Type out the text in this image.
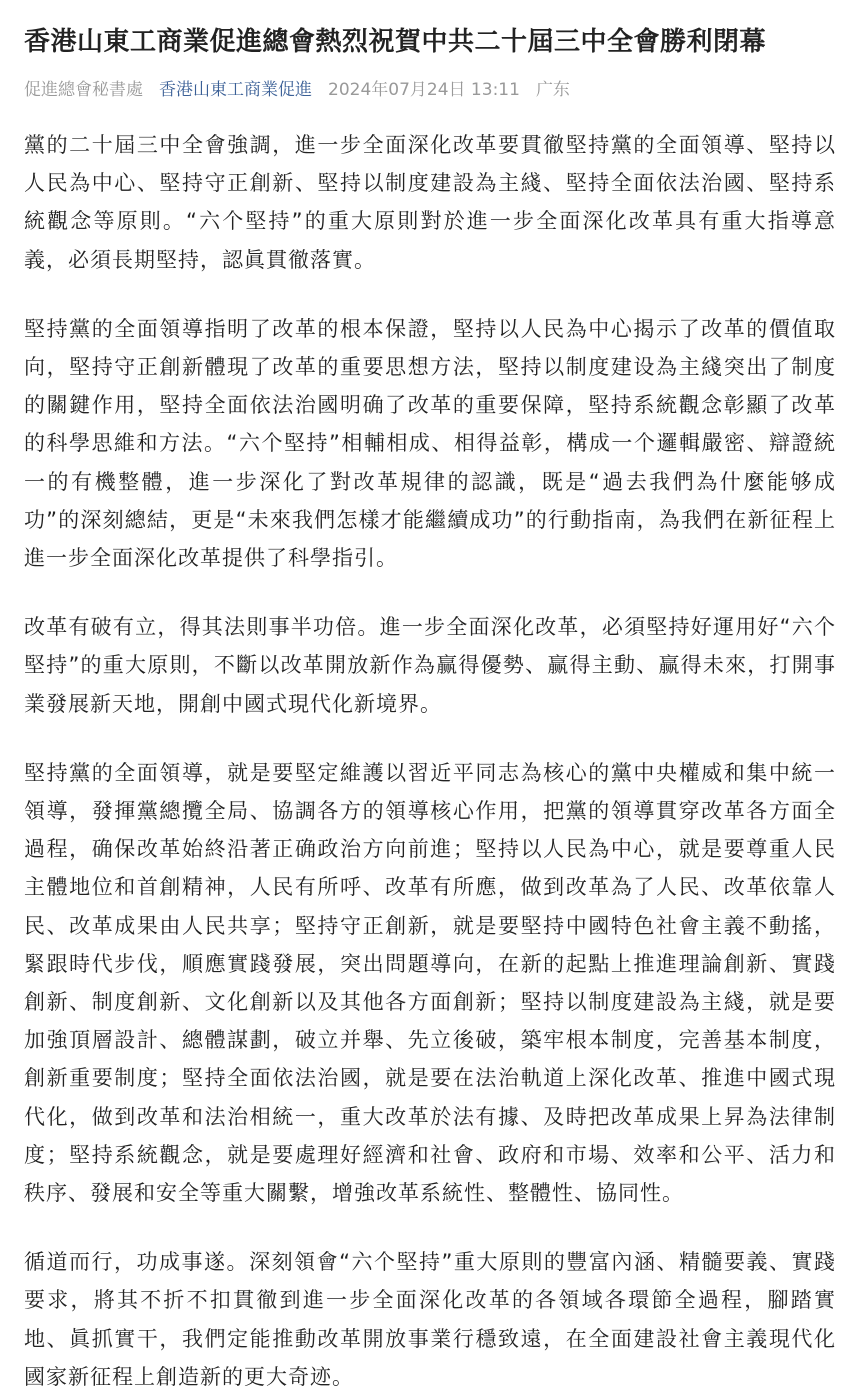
香港山東工商業促進總會熱烈祝賀中共二十屆三中全會勝利閉幕
促進總會秘書處 香港山東工商業促進 2024年07月24日 13:11 广东

黨的二十屆三中全會強調，進一步全面深化改革要貫徹堅持黨的全面領導、堅持以人民為中心、堅持守正創新、堅持以制度建設為主綫、堅持全面依法治國、堅持系統觀念等原則。“六个堅持”的重大原則對於進一步全面深化改革具有重大指導意義，必須長期堅持，認眞貫徹落實。

堅持黨的全面領導指明了改革的根本保證，堅持以人民為中心揭示了改革的價值取向，堅持守正創新體現了改革的重要思想方法，堅持以制度建设為主綫突出了制度的關鍵作用，堅持全面依法治國明确了改革的重要保障，堅持系統觀念彰顯了改革的科學思維和方法。“六个堅持”相輔相成、相得益彰，構成一个邏輯嚴密、辯證統一的有機整體，進一步深化了對改革規律的認識，既是“過去我們為什麼能够成功”的深刻總結，更是“未來我們怎樣才能繼續成功”的行動指南，為我們在新征程上進一步全面深化改革提供了科學指引。

改革有破有立，得其法則事半功倍。進一步全面深化改革，必須堅持好運用好“六个堅持”的重大原則，不斷以改革開放新作為赢得優勢、赢得主動、赢得未來，打開事業發展新天地，開創中國式現代化新境界。

堅持黨的全面領導，就是要堅定維護以習近平同志為核心的黨中央權威和集中統一領導，發揮黨總攬全局、協調各方的領導核心作用，把黨的領導貫穿改革各方面全過程，确保改革始終沿著正确政治方向前進；堅持以人民為中心，就是要尊重人民主體地位和首創精神，人民有所呼、改革有所應，做到改革為了人民、改革依靠人民、改革成果由人民共享；堅持守正創新，就是要堅持中國特色社會主義不動搖，緊跟時代步伐，順應實踐發展，突出問題導向，在新的起點上推進理論創新、實踐創新、制度創新、文化創新以及其他各方面創新；堅持以制度建設為主綫，就是要加強頂層設計、總體謀劃，破立并舉、先立後破，築牢根本制度，完善基本制度，創新重要制度；堅持全面依法治國，就是要在法治軌道上深化改革、推進中國式現代化，做到改革和法治相統一，重大改革於法有據、及時把改革成果上昇為法律制度；堅持系統觀念，就是要處理好經濟和社會、政府和市場、效率和公平、活力和秩序、發展和安全等重大關繫，增強改革系統性、整體性、協同性。

循道而行，功成事遂。深刻領會“六个堅持”重大原則的豐富內涵、精髓要義、實踐要求，將其不折不扣貫徹到進一步全面深化改革的各領域各環節全過程，腳踏實地、眞抓實干，我們定能推動改革開放事業行穩致遠，在全面建設社會主義現代化國家新征程上創造新的更大奇迹。
